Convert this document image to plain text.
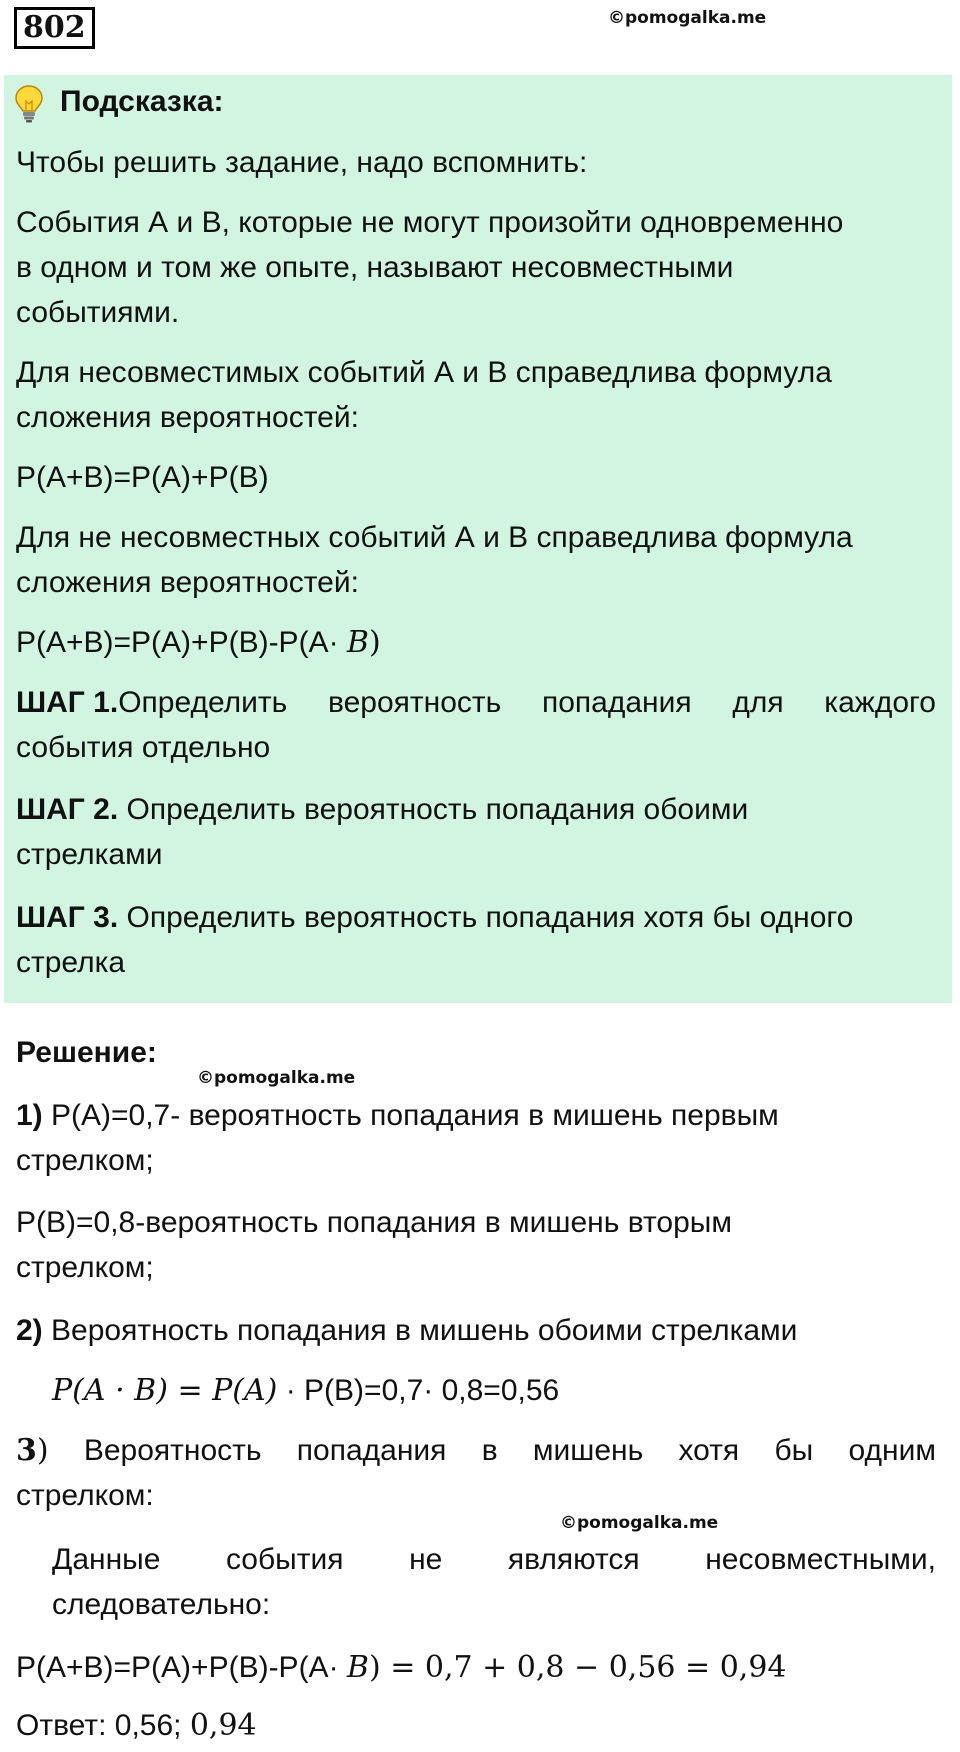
802	©pomogalka.me
Подсказка:
Чтобы решить задание, надо вспомнить:
События А и В, которые не могут произойти одновременно
в одном и том же опыте, называют несовместными
событиями.
Для несовместимых событий А и В справедлива формула
сложения вероятностей:
P(A+B)=P(A)+P(B)
Для не несовместных событий А и В справедлива формула
сложения вероятностей:
P(A+B)=P(A)+P(B)-P(A· B)
ШАГ 1.Определить вероятность попадания для каждого
события отдельно
ШАГ 2. Определить вероятность попадания обоими
стрелками
ШАГ 3. Определить вероятность попадания хотя бы одного
стрелка
Решение:
©pomogalka.me
1) P(A)=0,7- вероятность попадания в мишень первым
стрелком;
P(B)=0,8-вероятность попадания в мишень вторым
стрелком;
2) Вероятность попадания в мишень обоими стрелками
P(A · B) = P(A) · P(B)=0,7· 0,8=0,56
3) Вероятность попадания в мишень хотя бы одним
стрелком:
©pomogalka.me
Данные события не являются несовместными,
следовательно:
P(A+B)=P(A)+P(B)-P(A· B) = 0,7 + 0,8 − 0,56 = 0,94
Ответ: 0,56; 0,94
